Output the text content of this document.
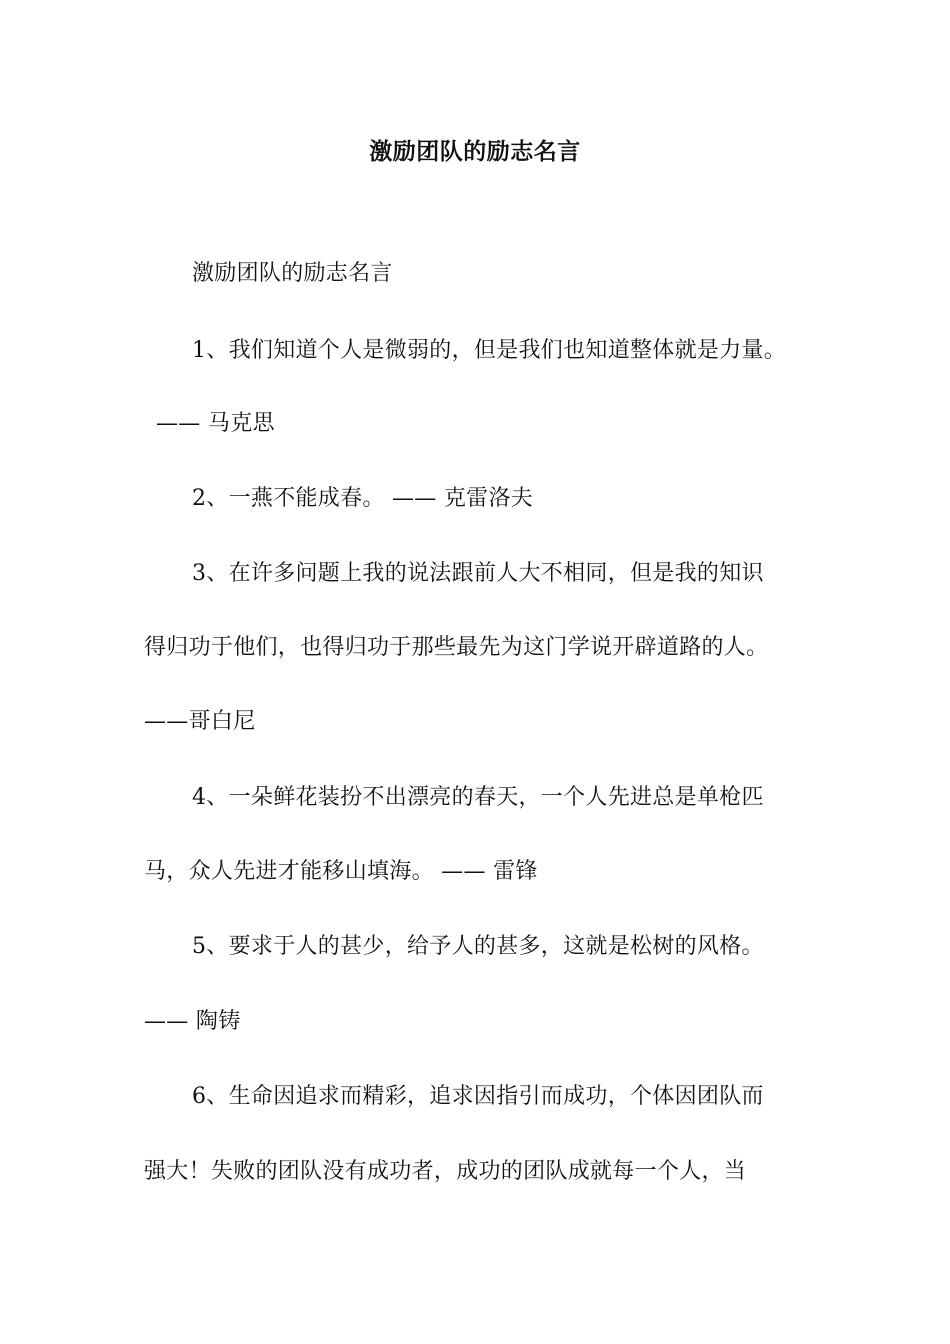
激励团队的励志名言
激励团队的励志名言
1、我们知道个人是微弱的，但是我们也知道整体就是力量。
—— 马克思
2、一燕不能成春。 —— 克雷洛夫
3、在许多问题上我的说法跟前人大不相同，但是我的知识
得归功于他们，也得归功于那些最先为这门学说开辟道路的人。
——哥白尼
4、一朵鲜花装扮不出漂亮的春天，一个人先进总是单枪匹
马，众人先进才能移山填海。 —— 雷锋
5、要求于人的甚少，给予人的甚多，这就是松树的风格。
—— 陶铸
6、生命因追求而精彩，追求因指引而成功，个体因团队而
强大！失败的团队没有成功者，成功的团队成就每一个人，当
